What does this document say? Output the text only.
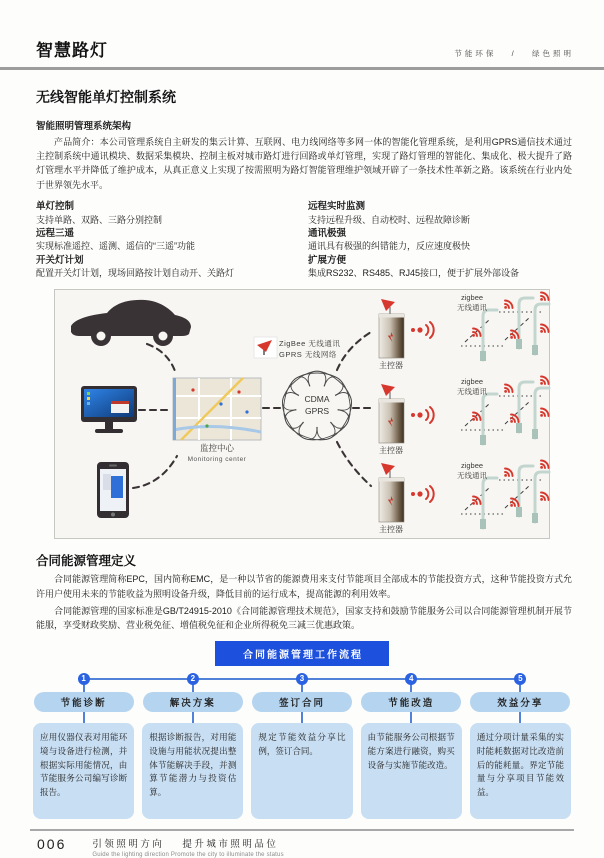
智慧路灯	节能环保 / 绿色照明
无线智能单灯控制系统
智能照明管理系统架构

产品简介：本公司管理系统自主研发的集云计算、互联网、电力线网络等多网一体的智能化管理系统，是利用GPRS通信技术通过主控制系统中通讯模块、数据采集模块、控制主板对城市路灯进行回路或单灯管理，实现了路灯管理的智能化、集成化、极大提升了路灯管理水平并降低了维护成本，从真正意义上实现了按需照明为路灯智能管理维护领域开辟了一条技术性革新之路。该系统在行业内处于世界领先水平。

单灯控制
支持单路、双路、三路分别控制
远程三遥
实现标准遥控、遥测、遥信的“三遥”功能
开关灯计划
配置开关灯计划，现场回路按计划自动开、关路灯
远程实时监测
支持远程升级、自动校时、远程故障诊断
通讯极强
通讯具有极强的纠错能力，反应速度极快
扩展方便
集成RS232、RS485、RJ45接口，便于扩展外部设备
ZigBee 无线通讯
GPRS 无线网络
CDMA
GPRS
监控中心
Monitoring center
主控器
主控器
主控器
zigbee
无线通讯
zigbee
无线通讯
zigbee
无线通讯
合同能源管理定义

合同能源管理简称EPC，国内简称EMC，是一种以节省的能源费用来支付节能项目全部成本的节能投资方式，这种节能投资方式允许用户使用未来的节能收益为照明设备升级，降低目前的运行成本，提高能源的利用效率。

合同能源管理的国家标准是GB/T24915-2010《合同能源管理技术规范》，国家支持和鼓励节能服务公司以合同能源管理机制开展节能服，享受财政奖励、营业税免征、增值税免征和企业所得税免三减三优惠政策。

合同能源管理工作流程
1
节能诊断
应用仪器仪表对用能环境与设备进行检测，并根据实际用能情况，由节能服务公司编写诊断报告。
2
解决方案
根据诊断报告，对用能设施与用能状况提出整体节能解决手段，并测算节能潜力与投资估算。
3
签订合同
规定节能效益分享比例，签订合同。
4
节能改造
由节能服务公司根据节能方案进行融资，购买设备与实施节能改造。
5
效益分享
通过分项计量采集的实时能耗数据对比改造前后的能耗量。界定节能量与分享项目节能效益。
006	引领照明方向 提升城市照明品位
Guide the lighting direction Promote the city to illuminate the status
